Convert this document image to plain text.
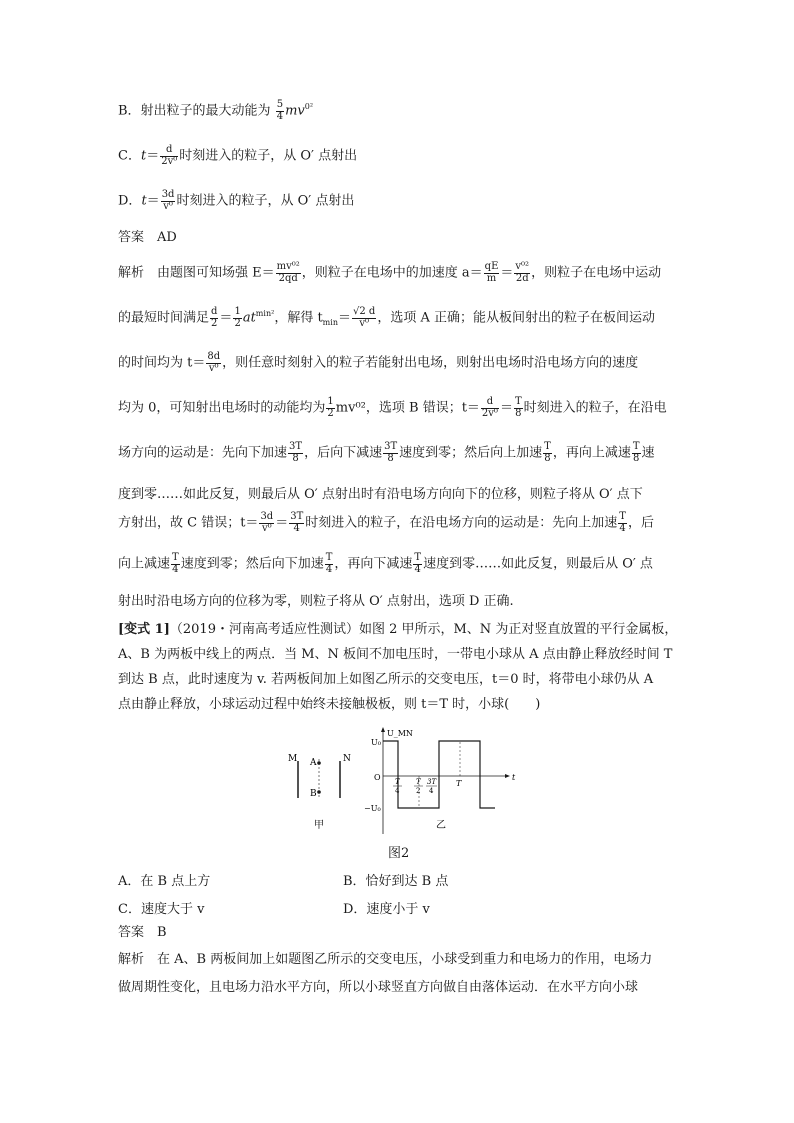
B．射出粒子的最大动能为 $\frac{5}{4} mv^{0^2}$
C．$t= \frac{d}{\text{2v⁰}}$ 时刻进入的粒子，从 O′ 点射出
D．$t= \frac{3d}{\text{v⁰}}$ 时刻进入的粒子，从 O′ 点射出
答案　AD
解析　由题图可知场强 $E= \frac{\text{mv⁰²}}{2qd}$ ，则粒子在电场中的加速度 $a= \frac{qE}{m} = \frac{\text{v⁰²}}{2d}$ ，则粒子在电场中运动
的最短时间满足 $\frac{d}{2} = \frac{1}{2} at^{min^2}$，解得 $t_{min}= \frac{√2 d}{\text{v⁰}}$ ，选项 A 正确；能从板间射出的粒子在板间运动
的时间均为 $t= \frac{8d}{\text{v⁰}}$ ，则任意时刻射入的粒子若能射出电场，则射出电场时沿电场方向的速度
均为 0，可知射出电场时的动能均为 $\frac{1}{2} mv^{02}$，选项 B 错误；$t= \frac{d}{\text{2v⁰}} = \frac{T}{8}$ 时刻进入的粒子，在沿电
场方向的运动是：先向下加速 $\frac{3T}{8}$ ，后向下减速 $\frac{3T}{8}$ 速度到零；然后向上加速 $\frac{T}{8}$ ，再向上减速 $\frac{T}{8}$ 速
度到零……如此反复，则最后从 O′ 点射出时有沿电场方向向下的位移，则粒子将从 O′ 点下
方射出，故 C 错误；$t= \frac{3d}{\text{v⁰}} = \frac{3T}{4}$ 时刻进入的粒子，在沿电场方向的运动是：先向上加速 $\frac{T}{4}$ ，后
向上减速 $\frac{T}{4}$ 速度到零；然后向下加速 $\frac{T}{4}$ ，再向下减速 $\frac{T}{4}$ 速度到零……如此反复，则最后从 O′ 点
射出时沿电场方向的位移为零，则粒子将从 O′ 点射出，选项 D 正确.
[变式 1]（2019・河南高考适应性测试）如图 2 甲所示，M、N 为正对竖直放置的平行金属板，
A、B 为两板中线上的两点．当 M、N 板间不加电压时，一带电小球从 A 点由静止释放经时间 T
到达 B 点，此时速度为 v. 若两板间加上如图乙所示的交变电压，t＝0 时，将带电小球仍从 A
点由静止释放，小球运动过程中始终未接触极板，则 t＝T 时，小球(　　)
M	N
A
B
U_MN
U₀
−U₀
O	t
T
4
T
2
3T
4
T
甲	乙
图2
A．在 B 点上方	B．恰好到达 B 点
C．速度大于 v	D．速度小于 v
答案　B
解析　在 A、B 两板间加上如题图乙所示的交变电压，小球受到重力和电场力的作用，电场力
做周期性变化，且电场力沿水平方向，所以小球竖直方向做自由落体运动．在水平方向小球
